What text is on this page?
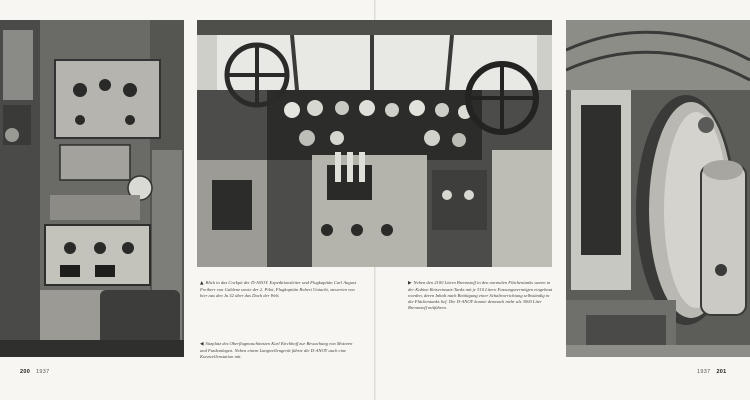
▲ Blick in das Cockpit der D-ANOY. Expeditionsleiter und Flugkapitän Carl August Freiherr von Gablenz sowie der 2. Pilot, Flugkapitän Robert Untucht, steuerten von hier aus den Ju 52 über das Dach der Welt.

▶ Neben den 2100 Litern Brennstoff in den normalen Flächentanks waren in der Kabine Reiseeinsatz-Tanks mit je 510 Litern Fassungsvermögen eingebaut worden, deren Inhalt nach Betätigung einer Schaltvorrichtung selbständig in die Flächentanks lief. Die D-ANOY konnte demnach mehr als 3000 Liter Brennstoff mitführen.

◀ Sitzplatz des Oberflugmaschinisten Karl Kirchhoff zur Bewachung von Motoren und Funkanlagen. Neben einem Langwellengerät führte die D-ANOY auch eine Kurzwellenstation mit.

200 1937	1937 201
